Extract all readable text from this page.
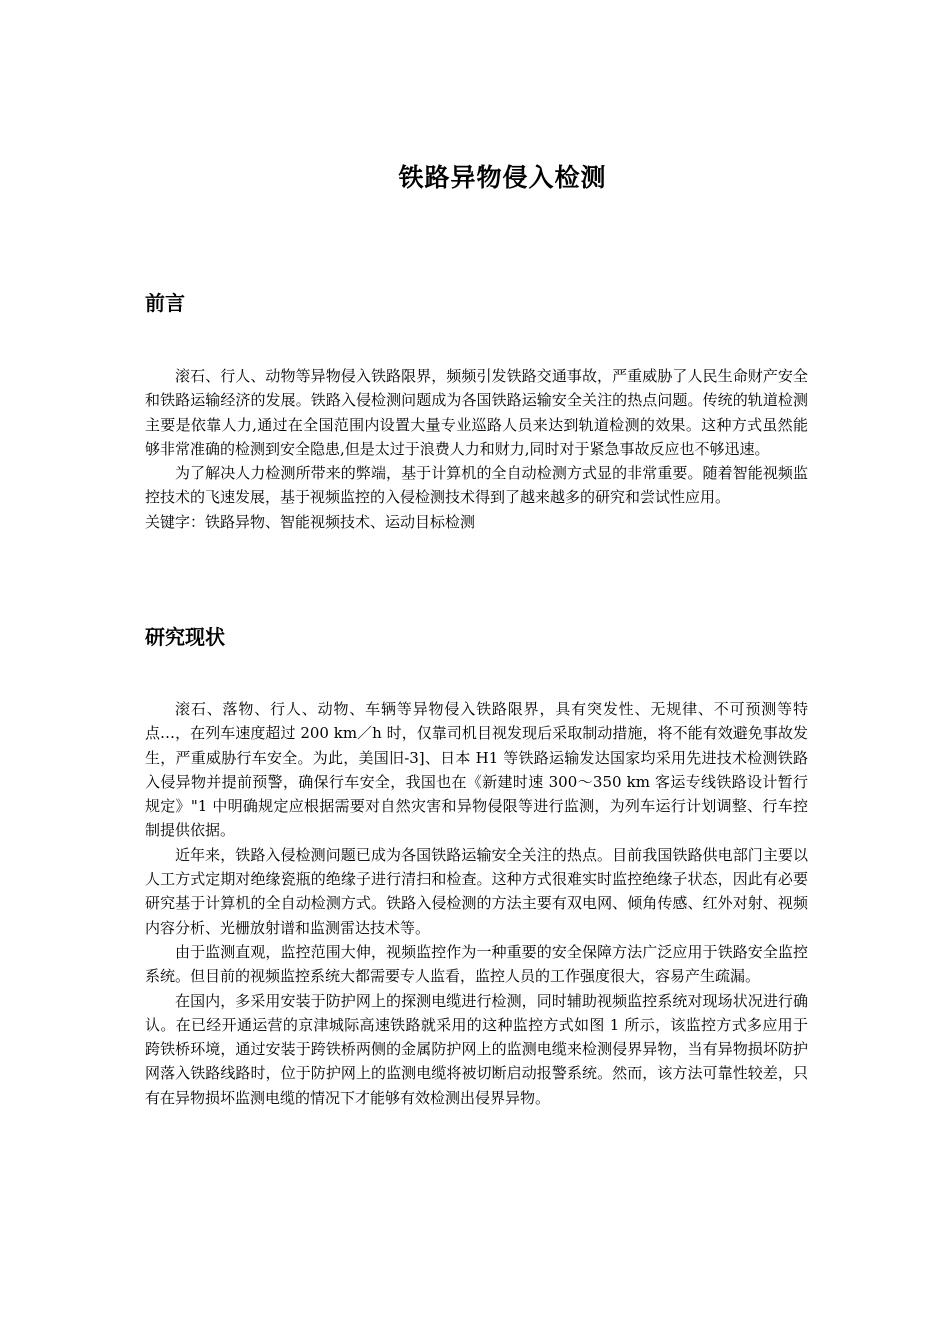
铁路异物侵入检测
前言

滚石、行人、动物等异物侵入铁路限界，频频引发铁路交通事故，严重威胁了人民生命财产安全和铁路运输经济的发展。铁路入侵检测问题成为各国铁路运输安全关注的热点问题。传统的轨道检测主要是依靠人力,通过在全国范围内设置大量专业巡路人员来达到轨道检测的效果。这种方式虽然能够非常准确的检测到安全隐患,但是太过于浪费人力和财力,同时对于紧急事故反应也不够迅速。

为了解决人力检测所带来的弊端，基于计算机的全自动检测方式显的非常重要。随着智能视频监控技术的飞速发展，基于视频监控的入侵检测技术得到了越来越多的研究和尝试性应用。

关键字：铁路异物、智能视频技术、运动目标检测

研究现状

滚石、落物、行人、动物、车辆等异物侵入铁路限界，具有突发性、无规律、不可预测等特点…，在列车速度超过 200 km／h 时，仅靠司机目视发现后采取制动措施，将不能有效避免事故发生，严重威胁行车安全。为此，美国旧-3]、日本 H1 等铁路运输发达国家均采用先进技术检测铁路入侵异物并提前预警，确保行车安全，我国也在《新建时速 300～350 km 客运专线铁路设计暂行规定》"1 中明确规定应根据需要对自然灾害和异物侵限等进行监测，为列车运行计划调整、行车控制提供依据。

近年来，铁路入侵检测问题已成为各国铁路运输安全关注的热点。目前我国铁路供电部门主要以人工方式定期对绝缘瓷瓶的绝缘子进行清扫和检查。这种方式很难实时监控绝缘子状态，因此有必要研究基于计算机的全自动检测方式。铁路入侵检测的方法主要有双电网、倾角传感、红外对射、视频内容分析、光栅放射谱和监测雷达技术等。

由于监测直观，监控范围大伸，视频监控作为一种重要的安全保障方法广泛应用于铁路安全监控系统。但目前的视频监控系统大都需要专人监看，监控人员的工作强度很大，容易产生疏漏。

在国内，多采用安装于防护网上的探测电缆进行检测，同时辅助视频监控系统对现场状况进行确认。在已经开通运营的京津城际高速铁路就采用的这种监控方式如图 1 所示，该监控方式多应用于跨铁桥环境，通过安装于跨铁桥两侧的金属防护网上的监测电缆来检测侵界异物，当有异物损坏防护网落入铁路线路时，位于防护网上的监测电缆将被切断启动报警系统。然而，该方法可靠性较差，只有在异物损坏监测电缆的情况下才能够有效检测出侵界异物。
